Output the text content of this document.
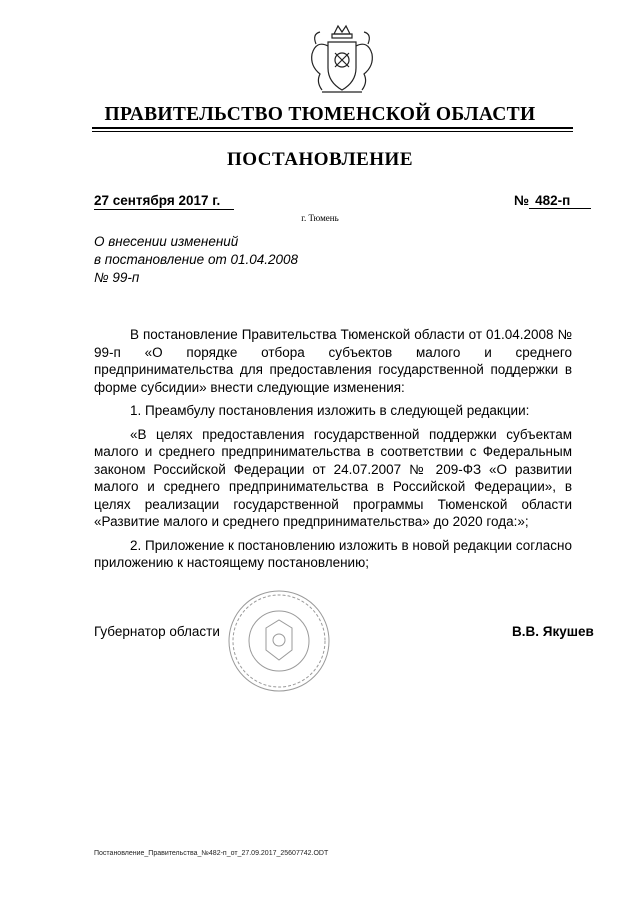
ПРАВИТЕЛЬСТВО ТЮМЕНСКОЙ ОБЛАСТИ
ПОСТАНОВЛЕНИЕ
27 сентября 2017 г.	№ 482-п
г. Тюмень
О внесении изменений
в постановление от 01.04.2008
№ 99-п

В постановление Правительства Тюменской области от 01.04.2008 № 99-п «О порядке отбора субъектов малого и среднего предпринимательства для предоставления государственной поддержки в форме субсидии» внести следующие изменения:

1. Преамбулу постановления изложить в следующей редакции:

«В целях предоставления государственной поддержки субъектам малого и среднего предпринимательства в соответствии с Федеральным законом Российской Федерации от 24.07.2007 № 209-ФЗ «О развитии малого и среднего предпринимательства в Российской Федерации», в целях реализации государственной программы Тюменской области «Развитие малого и среднего предпринимательства» до 2020 года:»;

2. Приложение к постановлению изложить в новой редакции согласно приложению к настоящему постановлению;

Губернатор области	В.В. Якушев
Постановление_Правительства_№482-п_от_27.09.2017_25607742.ODT
